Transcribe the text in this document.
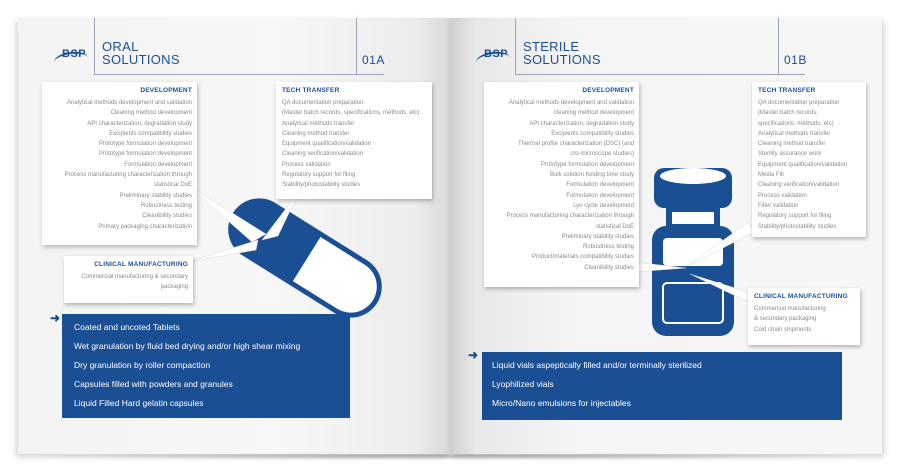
BSP ORAL
SOLUTIONS	01A
DEVELOPMENT
Analytical methods development and validation
Cleaning method development
API characterization, degradation study
Excipients compatibility studies
Prototype formulation development
Prototype formulation development
Formulation development
Process manufacturing characterization through
statistical DoE
Preliminary stability studies
Robustness testing
Cleanibility studies
Primary packaging characterization
TECH TRANSFER
QA documentation preparation
(Master batch records, specifications, methods, etc)
Analytical methods transfer
Cleaning method transfer
Equipment qualification/validation
Cleaning verification/validation
Process validation
Regulatory support for filing
Stability/photostability studies
CLINICAL MANUFACTURING
Commercial manufacturing & secondary
packaging
➜
Coated and uncoted Tablets
Wet granulation by fluid bed drying and/or high shear mixing
Dry granulation by roller compaction
Capsules filled with powders and granules
Liquid Filled Hard gelatin capsules
BSP STERILE
SOLUTIONS	01B
DEVELOPMENT
Analytical methods development and validation
cleaning method development
API characterization, degradation study
Excipients compatibility studies
Thermal profile characterization (DSC) (and
cro-microscope studies)
Prototype formulation development
Bulk solution holding time study
Formulation development
Formulation development
Lyo cycle development
Process manufacturing characterization through
statistical DoE
Preliminary stability studies
Robustness testing
Product/materials compatibility studies
Cleanibility studies
TECH TRANSFER
QA documentation preparation
(Master batch records,
specifications, methods, etc)
Analytical methods transfer
Cleaning method transfer
Sterility assurance work
Equipment qualification/validation
Media Fill
Cleaning verification/validation
Process validation
Filter validation
Regulatory support for filing
Stability/photostability studies
CLINICAL MANUFACTURING
Commercial manufacturing
& secondary packaging
Cold chain shipments
➜
Liquid vials aspeptically filled and/or terminally sterilized
Lyophilized vials
Micro/Nano emulsions for injectables
